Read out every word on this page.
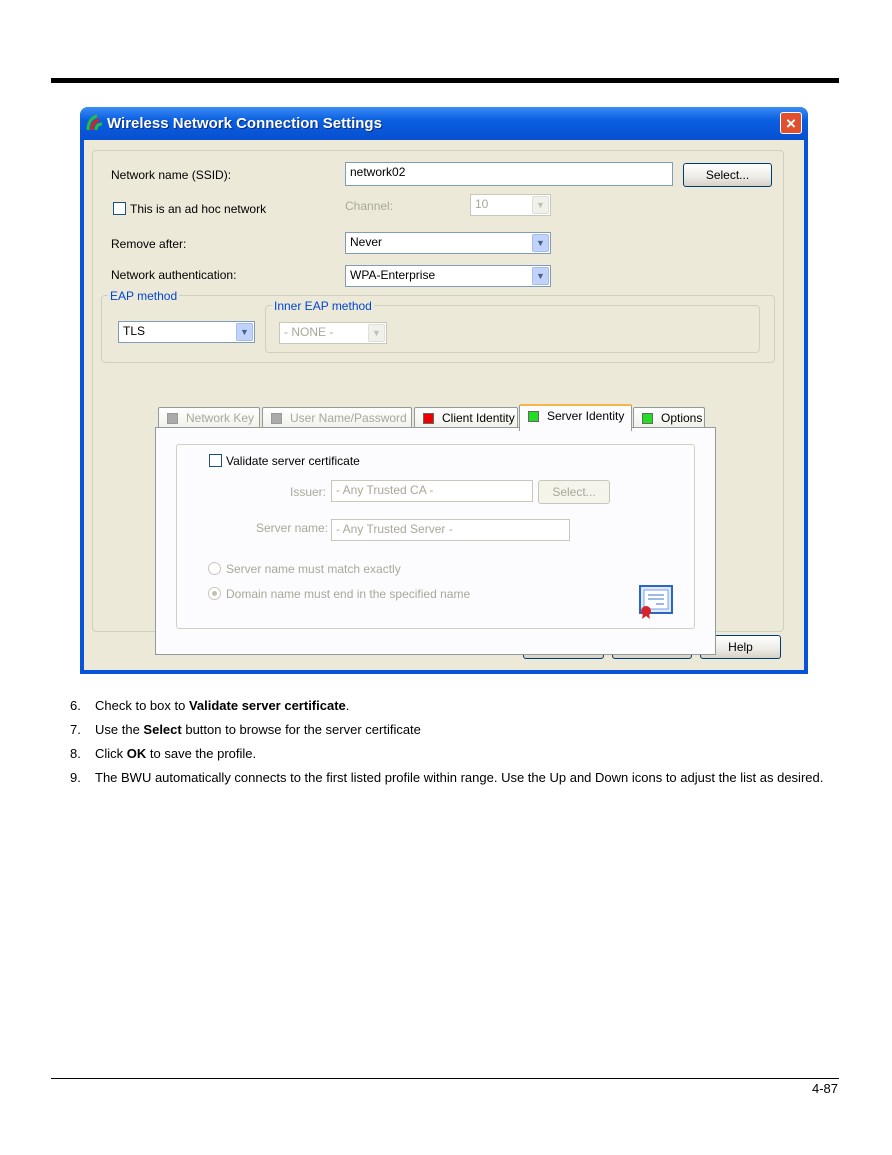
Wireless Network Connection Settings	×
Network name (SSID):	network02	Select...
This is an ad hoc network	Channel:	10	▼
Remove after:	Never	▼
Network authentication:	WPA-Enterprise	▼
EAP method
TLS	▼
Inner EAP method
- NONE -	▼
Network Key	User Name/Password	Client Identity	Server Identity	Options
Validate server certificate
Issuer: - Any Trusted CA -	Select...
Server name: - Any Trusted Server -
Server name must match exactly
Domain name must end in the specified name
Help
6. Check to box to Validate server certificate.
7. Use the Select button to browse for the server certificate
8. Click OK to save the profile.
9. The BWU automatically connects to the first listed profile within range. Use the Up and Down icons to adjust the list as desired.
4-87
